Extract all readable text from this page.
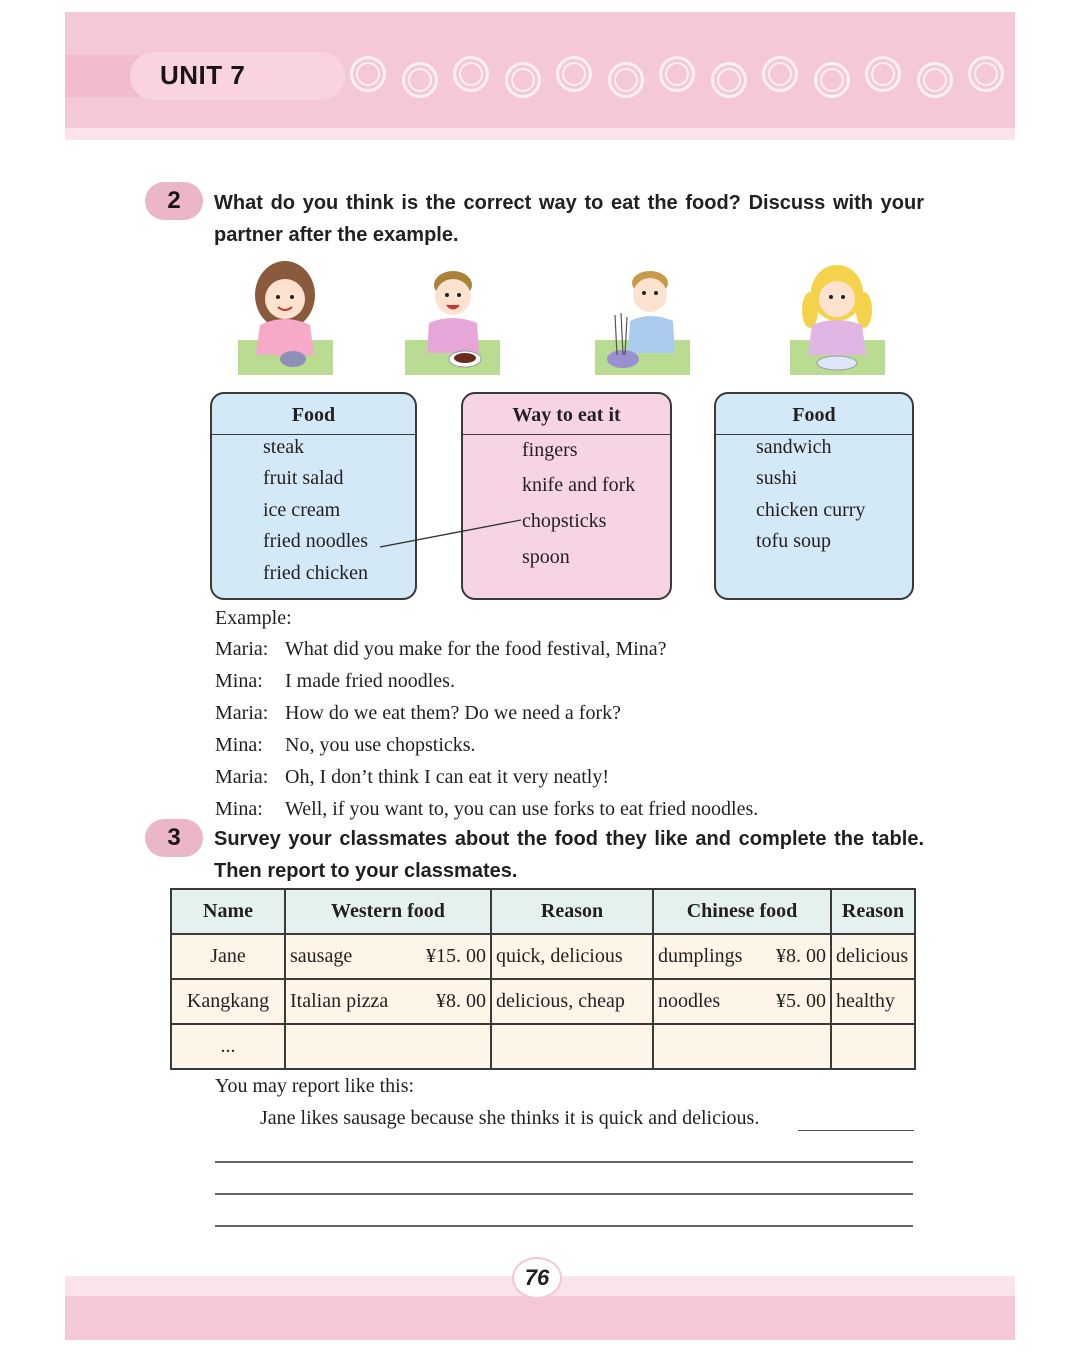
UNIT 7
2	What do you think is the correct way to eat the food? Discuss with your partner after the example.
Food
steak
fruit salad
ice cream
fried noodles
fried chicken
Way to eat it
fingers
knife and fork
chopsticks
spoon
Food
sandwich
sushi
chicken curry
tofu soup
Example:
Maria: What did you make for the food festival, Mina?
Mina: I made fried noodles.
Maria: How do we eat them? Do we need a fork?
Mina: No, you use chopsticks.
Maria: Oh, I don’t think I can eat it very neatly!
Mina: Well, if you want to, you can use forks to eat fried noodles.
3	Survey your classmates about the food they like and complete the table. Then report to your classmates.
Name	Western food	Reason	Chinese food	Reason
Jane	sausage ¥15. 00	quick, delicious	dumplings ¥8. 00	delicious
Kangkang	Italian pizza ¥8. 00	delicious, cheap	noodles ¥5. 00	healthy
...	

You may report like this:
Jane likes sausage because she thinks it is quick and delicious.
76
